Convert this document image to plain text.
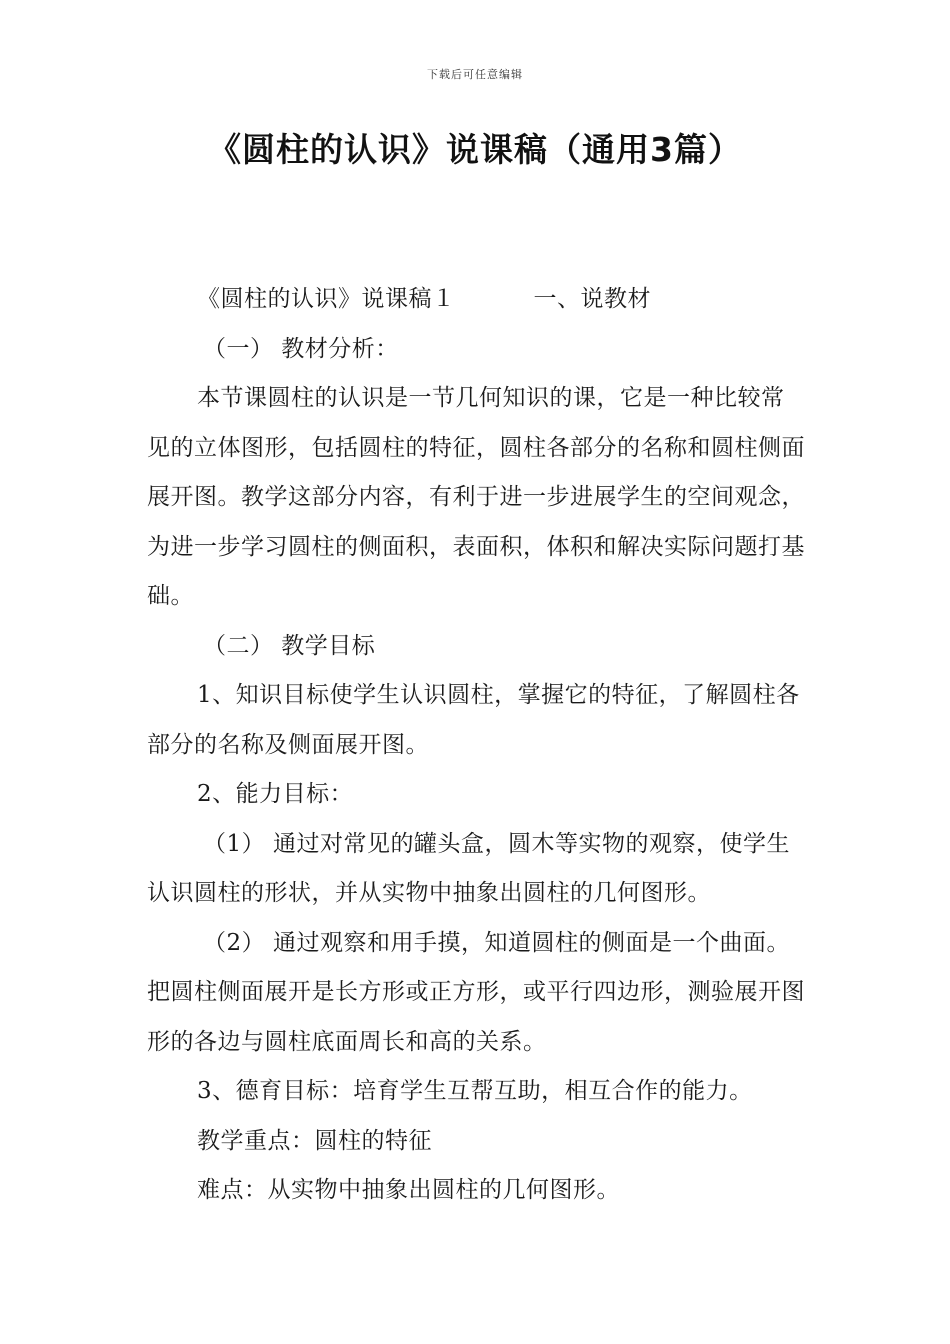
下载后可任意编辑
《圆柱的认识》说课稿（通用3篇）

《圆柱的认识》说课稿１	一、说教材

（一） 教材分析：

本节课圆柱的认识是一节几何知识的课，它是一种比较常见的立体图形，包括圆柱的特征，圆柱各部分的名称和圆柱侧面展开图。教学这部分内容，有利于进一步进展学生的空间观念，为进一步学习圆柱的侧面积，表面积，体积和解决实际问题打基础。

（二） 教学目标

1、知识目标使学生认识圆柱，掌握它的特征，了解圆柱各部分的名称及侧面展开图。

2、能力目标：

（1） 通过对常见的罐头盒，圆木等实物的观察，使学生认识圆柱的形状，并从实物中抽象出圆柱的几何图形。

（2） 通过观察和用手摸，知道圆柱的侧面是一个曲面。把圆柱侧面展开是长方形或正方形，或平行四边形，测验展开图形的各边与圆柱底面周长和高的关系。

3、德育目标：培育学生互帮互助，相互合作的能力。

教学重点：圆柱的特征

难点：从实物中抽象出圆柱的几何图形。
